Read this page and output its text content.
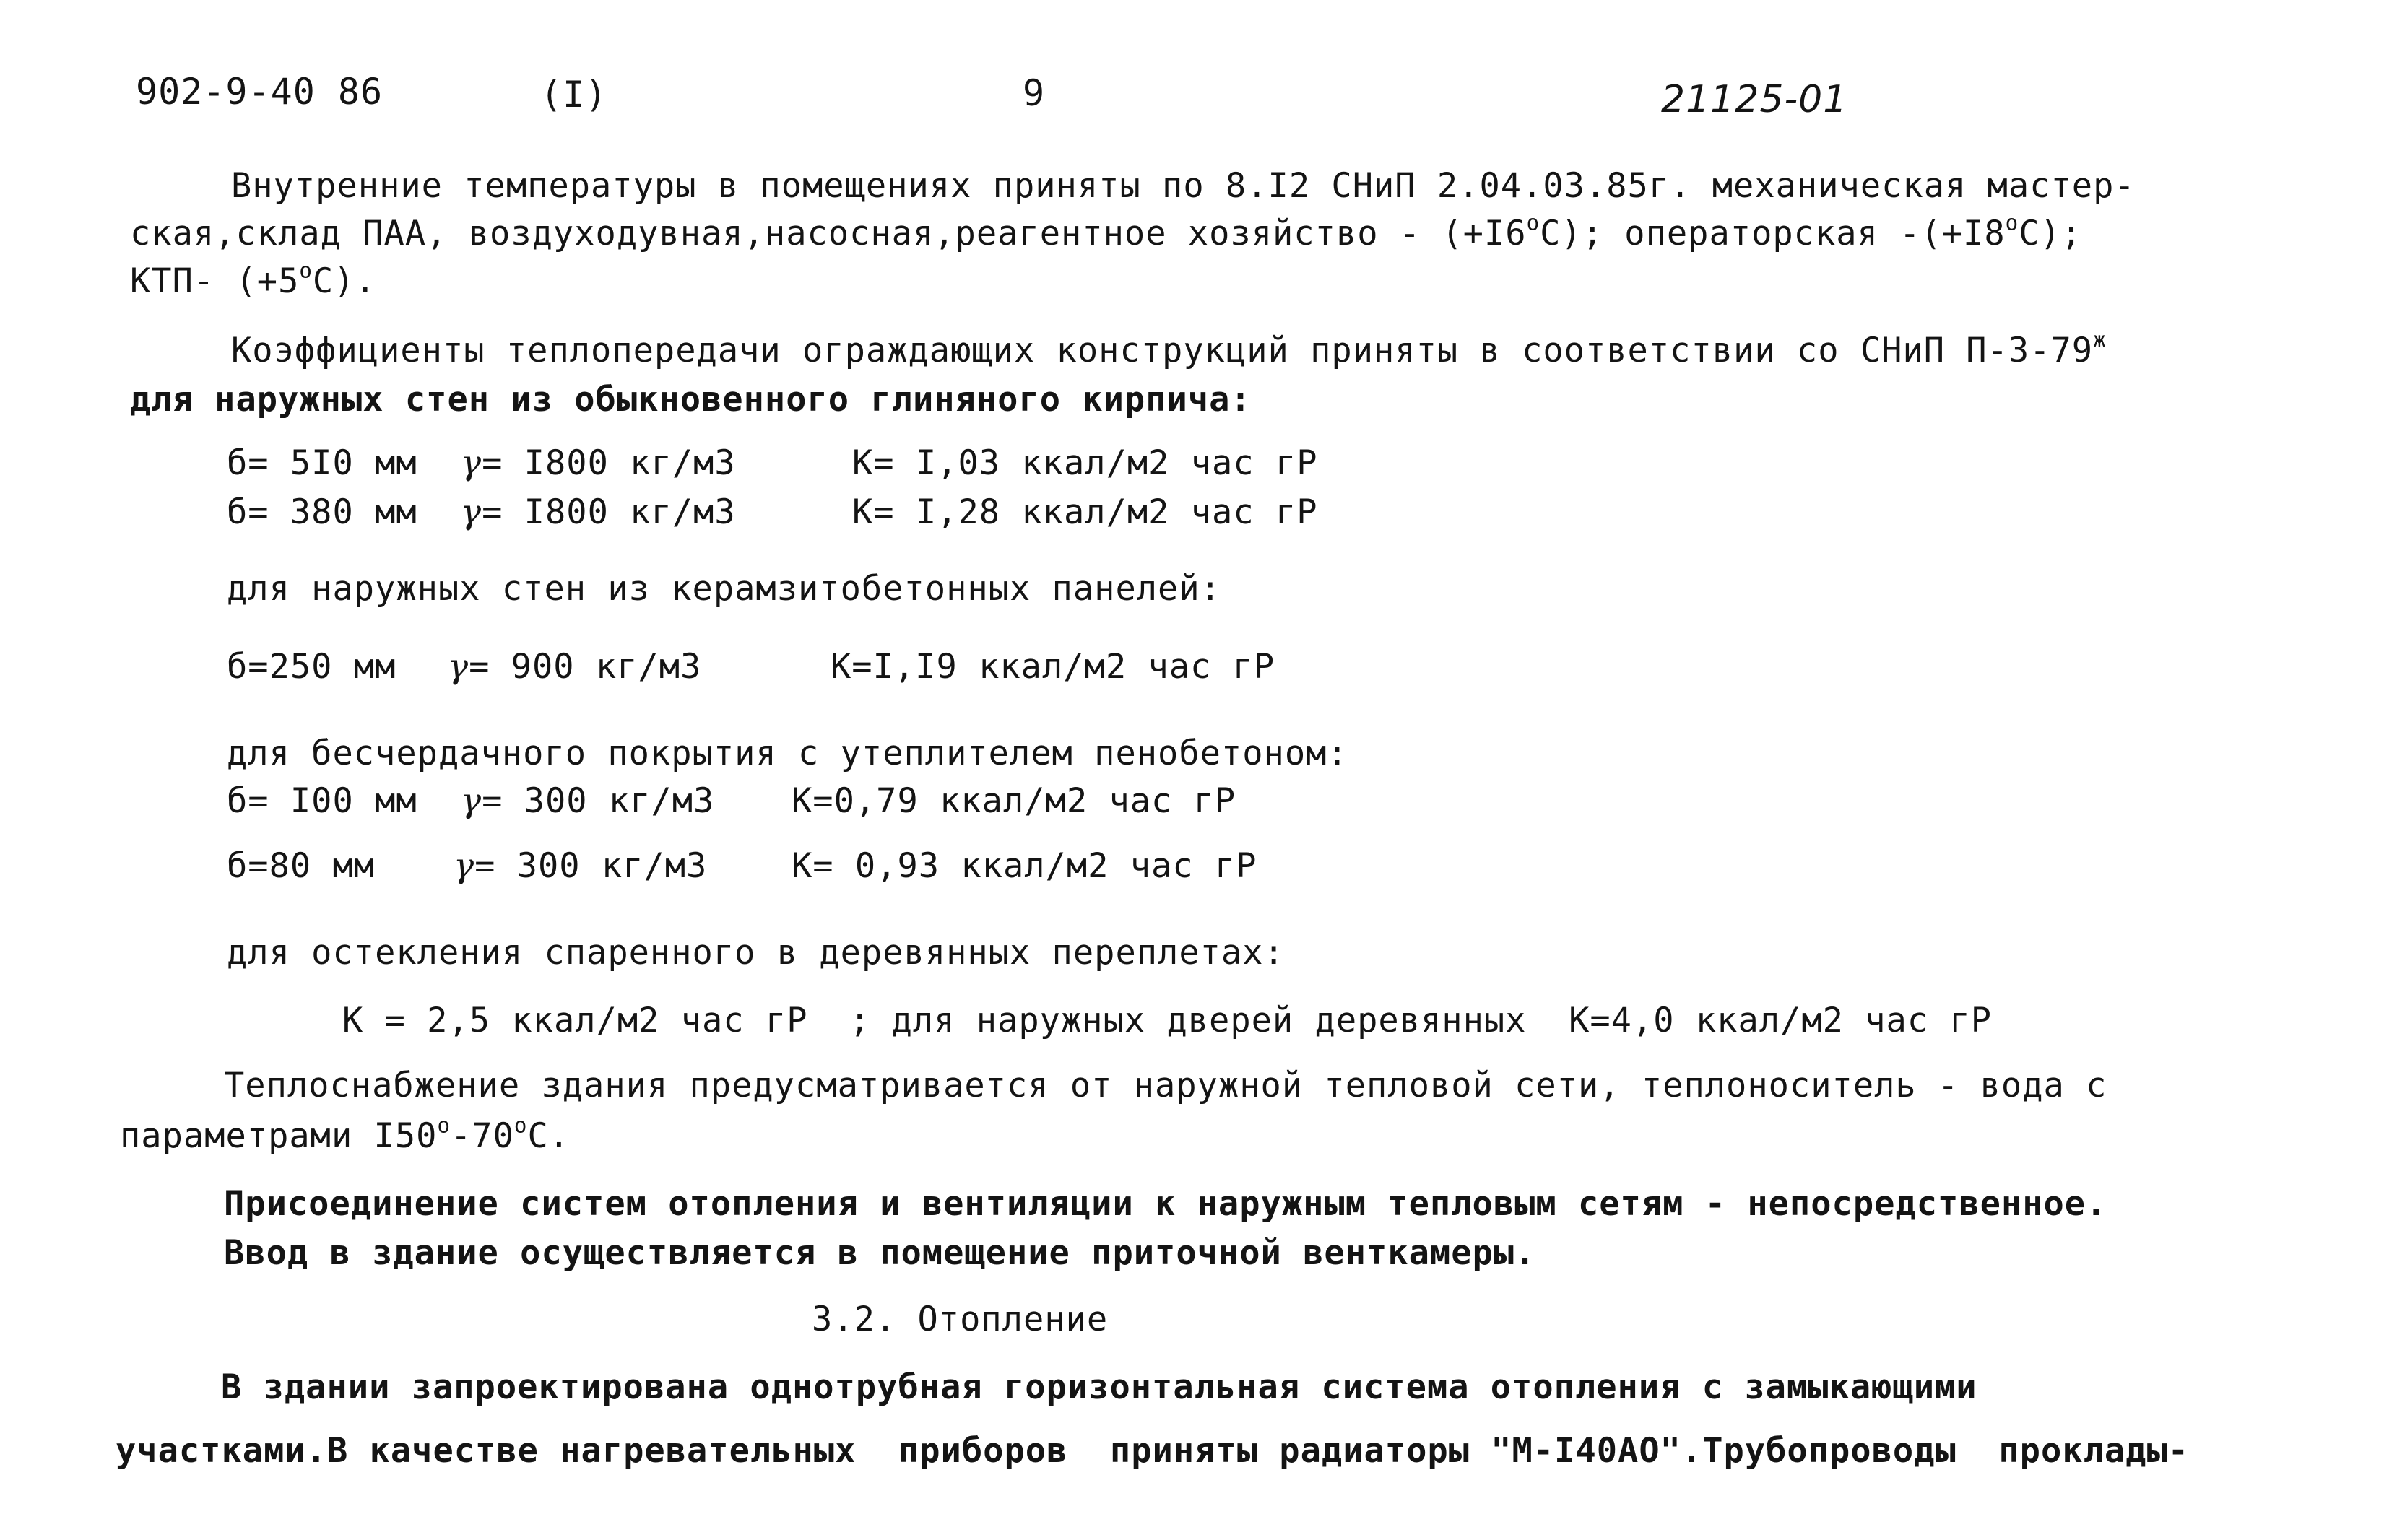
902-9-40 86	(I)	9	21125-01
Внутренние температуры в помещениях приняты по 8.I2 СНиП 2.04.03.85г. механическая мастер-
ская,склад ПАА, воздуходувная,насосная,реагентное хозяйство - $(+I6^oС)$; операторская $-(+I8^oС)$;
КТП- $(+5^oС)$.
Коэффициенты теплопередачи ограждающих конструкций приняты в соответствии со СНиП $П-3-79^ж$
для наружных стен из обыкновенного глиняного кирпича:
б= 5I0 мм γ= I800 кг/м3	К= I,03 ккал/м2 час гР
б= 380 мм γ= I800 кг/м3	К= I,28 ккал/м2 час гР
для наружных стен из керамзитобетонных панелей:
б=250 мм γ= 900 кг/м3	К=I,I9 ккал/м2 час гР
для бесчердачного покрытия с утеплителем пенобетоном:
б= I00 мм γ= 300 кг/м3 К=0,79 ккал/м2 час гР
б=80 мм γ= 300 кг/м3 К= 0,93 ккал/м2 час гР
для остекления спаренного в деревянных переплетах:
К = 2,5 ккал/м2 час гР ; для наружных дверей деревянных  К=4,0 ккал/м2 час гР
Теплоснабжение здания предусматривается от наружной тепловой сети, теплоноситель - вода с
параметрами I50$^o$-70$^o$С.
Присоединение систем отопления и вентиляции к наружным тепловым сетям - непосредственное.
Ввод в здание осуществляется в помещение приточной венткамеры.
3.2. Отопление
В здании запроектирована однотрубная горизонтальная система отопления с замыкающими
участками.В качестве нагревательных  приборов  приняты радиаторы "М-I40АО".Трубопроводы  проклады-
